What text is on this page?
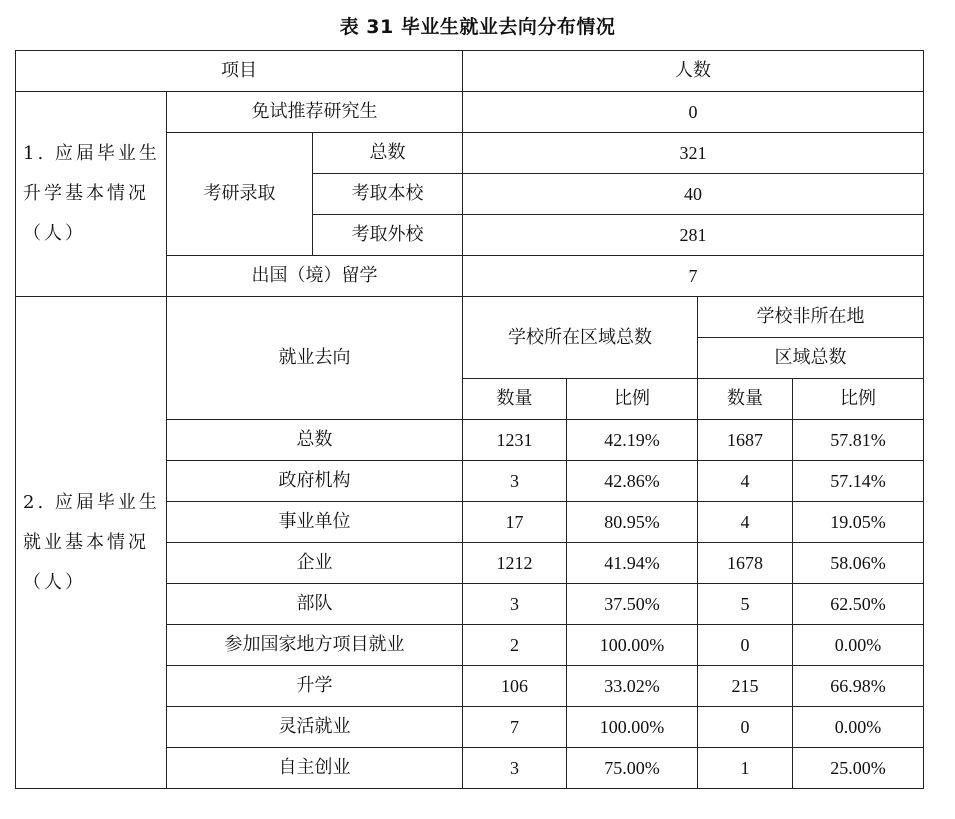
表 31 毕业生就业去向分布情况
项目			人数			
1. 应届毕业生升学基本情况（人）	免试推荐研究生		0			
	考研录取	总数	321			
		考取本校	40			
		考取外校	281			
	出国（境）留学		7			
2. 应届毕业生就业基本情况（人）	就业去向		学校所在区域总数		学校非所在地	
					区域总数	
			数量	比例	数量	比例
	总数		1231	42.19%	1687	57.81%
	政府机构		3	42.86%	4	57.14%
	事业单位		17	80.95%	4	19.05%
	企业		1212	41.94%	1678	58.06%
	部队		3	37.50%	5	62.50%
	参加国家地方项目就业		2	100.00%	0	0.00%
	升学		106	33.02%	215	66.98%
	灵活就业		7	100.00%	0	0.00%
	自主创业		3	75.00%	1	25.00%
